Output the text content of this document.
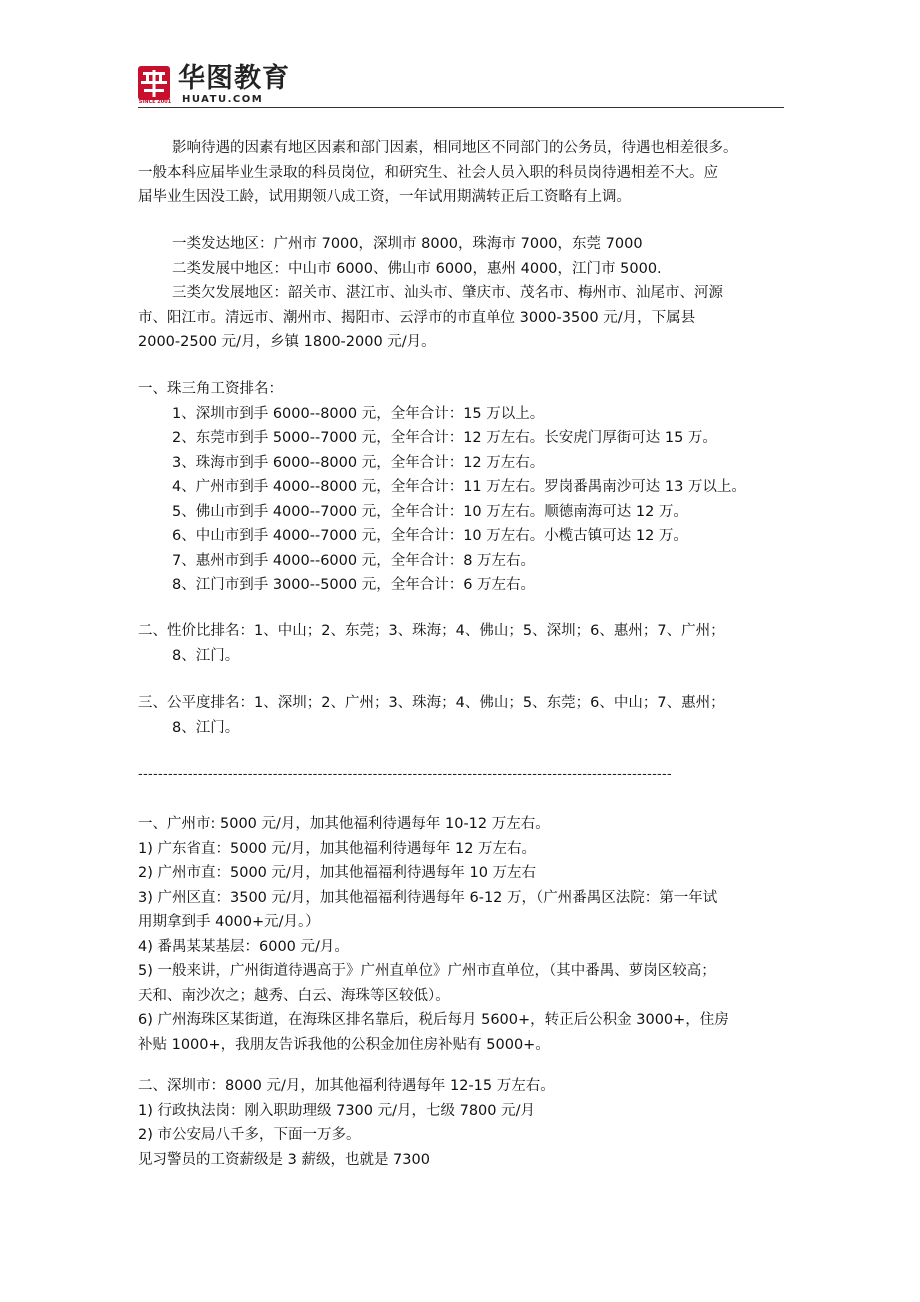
SINCE 2001
华图教育
HUATU.COM
影响待遇的因素有地区因素和部门因素，相同地区不同部门的公务员，待遇也相差很多。
一般本科应届毕业生录取的科员岗位，和研究生、社会人员入职的科员岗待遇相差不大。应
届毕业生因没工龄，试用期领八成工资，一年试用期满转正后工资略有上调。
一类发达地区：广州市 7000，深圳市 8000，珠海市 7000，东莞 7000
二类发展中地区：中山市 6000、佛山市 6000，惠州 4000，江门市 5000.
三类欠发展地区：韶关市、湛江市、汕头市、肇庆市、茂名市、梅州市、汕尾市、河源
市、阳江市。清远市、潮州市、揭阳市、云浮市的市直单位 3000-3500 元/月，下属县
2000-2500 元/月，乡镇 1800-2000 元/月。
一、珠三角工资排名：
1、深圳市到手 6000--8000 元，全年合计：15 万以上。
2、东莞市到手 5000--7000 元，全年合计：12 万左右。长安虎门厚街可达 15 万。
3、珠海市到手 6000--8000 元，全年合计：12 万左右。
4、广州市到手 4000--8000 元，全年合计：11 万左右。罗岗番禺南沙可达 13 万以上。
5、佛山市到手 4000--7000 元，全年合计：10 万左右。顺德南海可达 12 万。
6、中山市到手 4000--7000 元，全年合计：10 万左右。小榄古镇可达 12 万。
7、惠州市到手 4000--6000 元，全年合计：8 万左右。
8、江门市到手 3000--5000 元，全年合计：6 万左右。
二、性价比排名：1、中山；2、东莞；3、珠海；4、佛山；5、深圳；6、惠州；7、广州；
8、江门。
三、公平度排名：1、深圳；2、广州；3、珠海；4、佛山；5、东莞；6、中山；7、惠州；
8、江门。
-----------------------------------------------------------------------------------------------------------
一、广州市: 5000 元/月，加其他福利待遇每年 10-12 万左右。
1) 广东省直：5000 元/月，加其他福利待遇每年 12 万左右。
2) 广州市直：5000 元/月，加其他福福利待遇每年 10 万左右
3) 广州区直：3500 元/月，加其他福福利待遇每年 6-12 万，（广州番禺区法院：第一年试
用期拿到手 4000+元/月。）
4) 番禺某某基层：6000 元/月。
5) 一般来讲，广州街道待遇高于》广州直单位》广州市直单位，（其中番禺、萝岗区较高；
天和、南沙次之；越秀、白云、海珠等区较低）。
6) 广州海珠区某街道，在海珠区排名靠后，税后每月 5600+，转正后公积金 3000+，住房
补贴 1000+，我朋友告诉我他的公积金加住房补贴有 5000+。
二、深圳市：8000 元/月，加其他福利待遇每年 12-15 万左右。
1) 行政执法岗：刚入职助理级 7300 元/月，七级 7800 元/月
2) 市公安局八千多，下面一万多。
见习警员的工资薪级是 3 薪级，也就是 7300
